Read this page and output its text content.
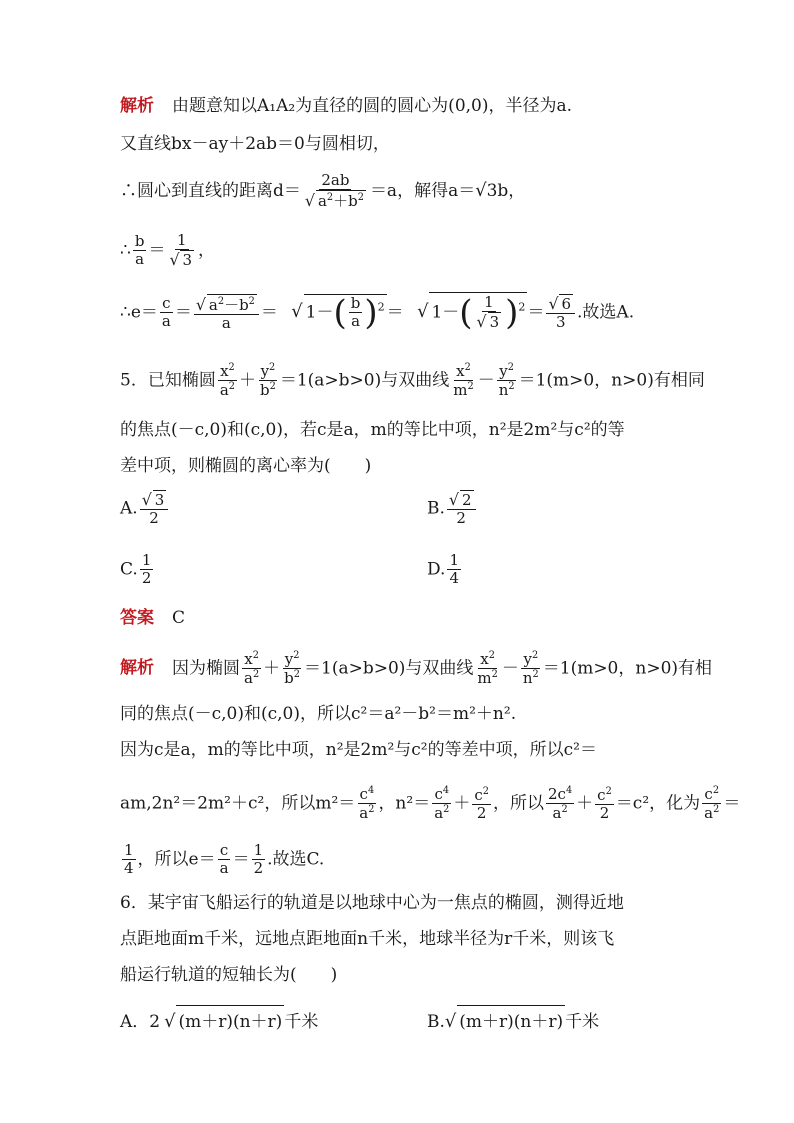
解析 由题意知以A₁A₂为直径的圆的圆心为(0,0)，半径为a.
又直线bx－ay＋2ab＝0与圆相切，
∴圆心到直线的距离$d= \frac{2ab}{√ a^2+b^2} =a$，解得a＝√3b，
∴ $\frac{b}{a} = \frac{1}{√ 3}$ ，
∴e＝ $\frac{c}{a} = \frac{√ a^2-b^2}{a}$ ＝ √ $1-( \frac{b}{a} )^2$ ＝ √ $1-( \frac{1}{√ 3} )^2 = \frac{√ 6}{3}$ .故选A.
5．已知椭圆 $\frac{x^2}{a^2} + \frac{y^2}{b^2} =1(a>b>0)$与双曲线 $\frac{x^2}{m^2} - \frac{y^2}{n^2} =1(m>0$，n>0)有相同
的焦点(－c,0)和(c,0)，若c是a，m的等比中项，n²是2m²与c²的等
差中项，则椭圆的离心率为(　　)
A. $\frac{√ 3}{2}$	B. $\frac{√ 2}{2}$
C. $\frac{1}{2}$	D. $\frac{1}{4}$
答案 C
解析 因为椭圆 $\frac{x^2}{a^2} + \frac{y^2}{b^2} =1(a>b>0)$与双曲线 $\frac{x^2}{m^2} - \frac{y^2}{n^2} =1(m>0$，n>0)有相
同的焦点(－c,0)和(c,0)，所以c²＝a²－b²＝m²＋n².
因为c是a，m的等比中项，n²是2m²与c²的等差中项，所以c²＝
am,2n²＝2m²＋c²，所以$m^2= \frac{c^4}{a^2}$ ，$n^2= \frac{c^4}{a^2} + \frac{c^2}{2}$ ，所以 $\frac{2c^4}{a^2} + \frac{c^2}{2} =c^2$，化为 $\frac{c^2}{a^2}$ ＝
$\frac{1}{4}$ ，所以$e= \frac{c}{a} = \frac{1}{2}$ .故选C.
6．某宇宙飞船运行的轨道是以地球中心为一焦点的椭圆，测得近地
点距地面m千米，远地点距地面n千米，地球半径为r千米，则该飞
船运行轨道的短轴长为(　　)
A．2 √ (m＋r)(n＋r) 千米	B.√ (m＋r)(n＋r) 千米
